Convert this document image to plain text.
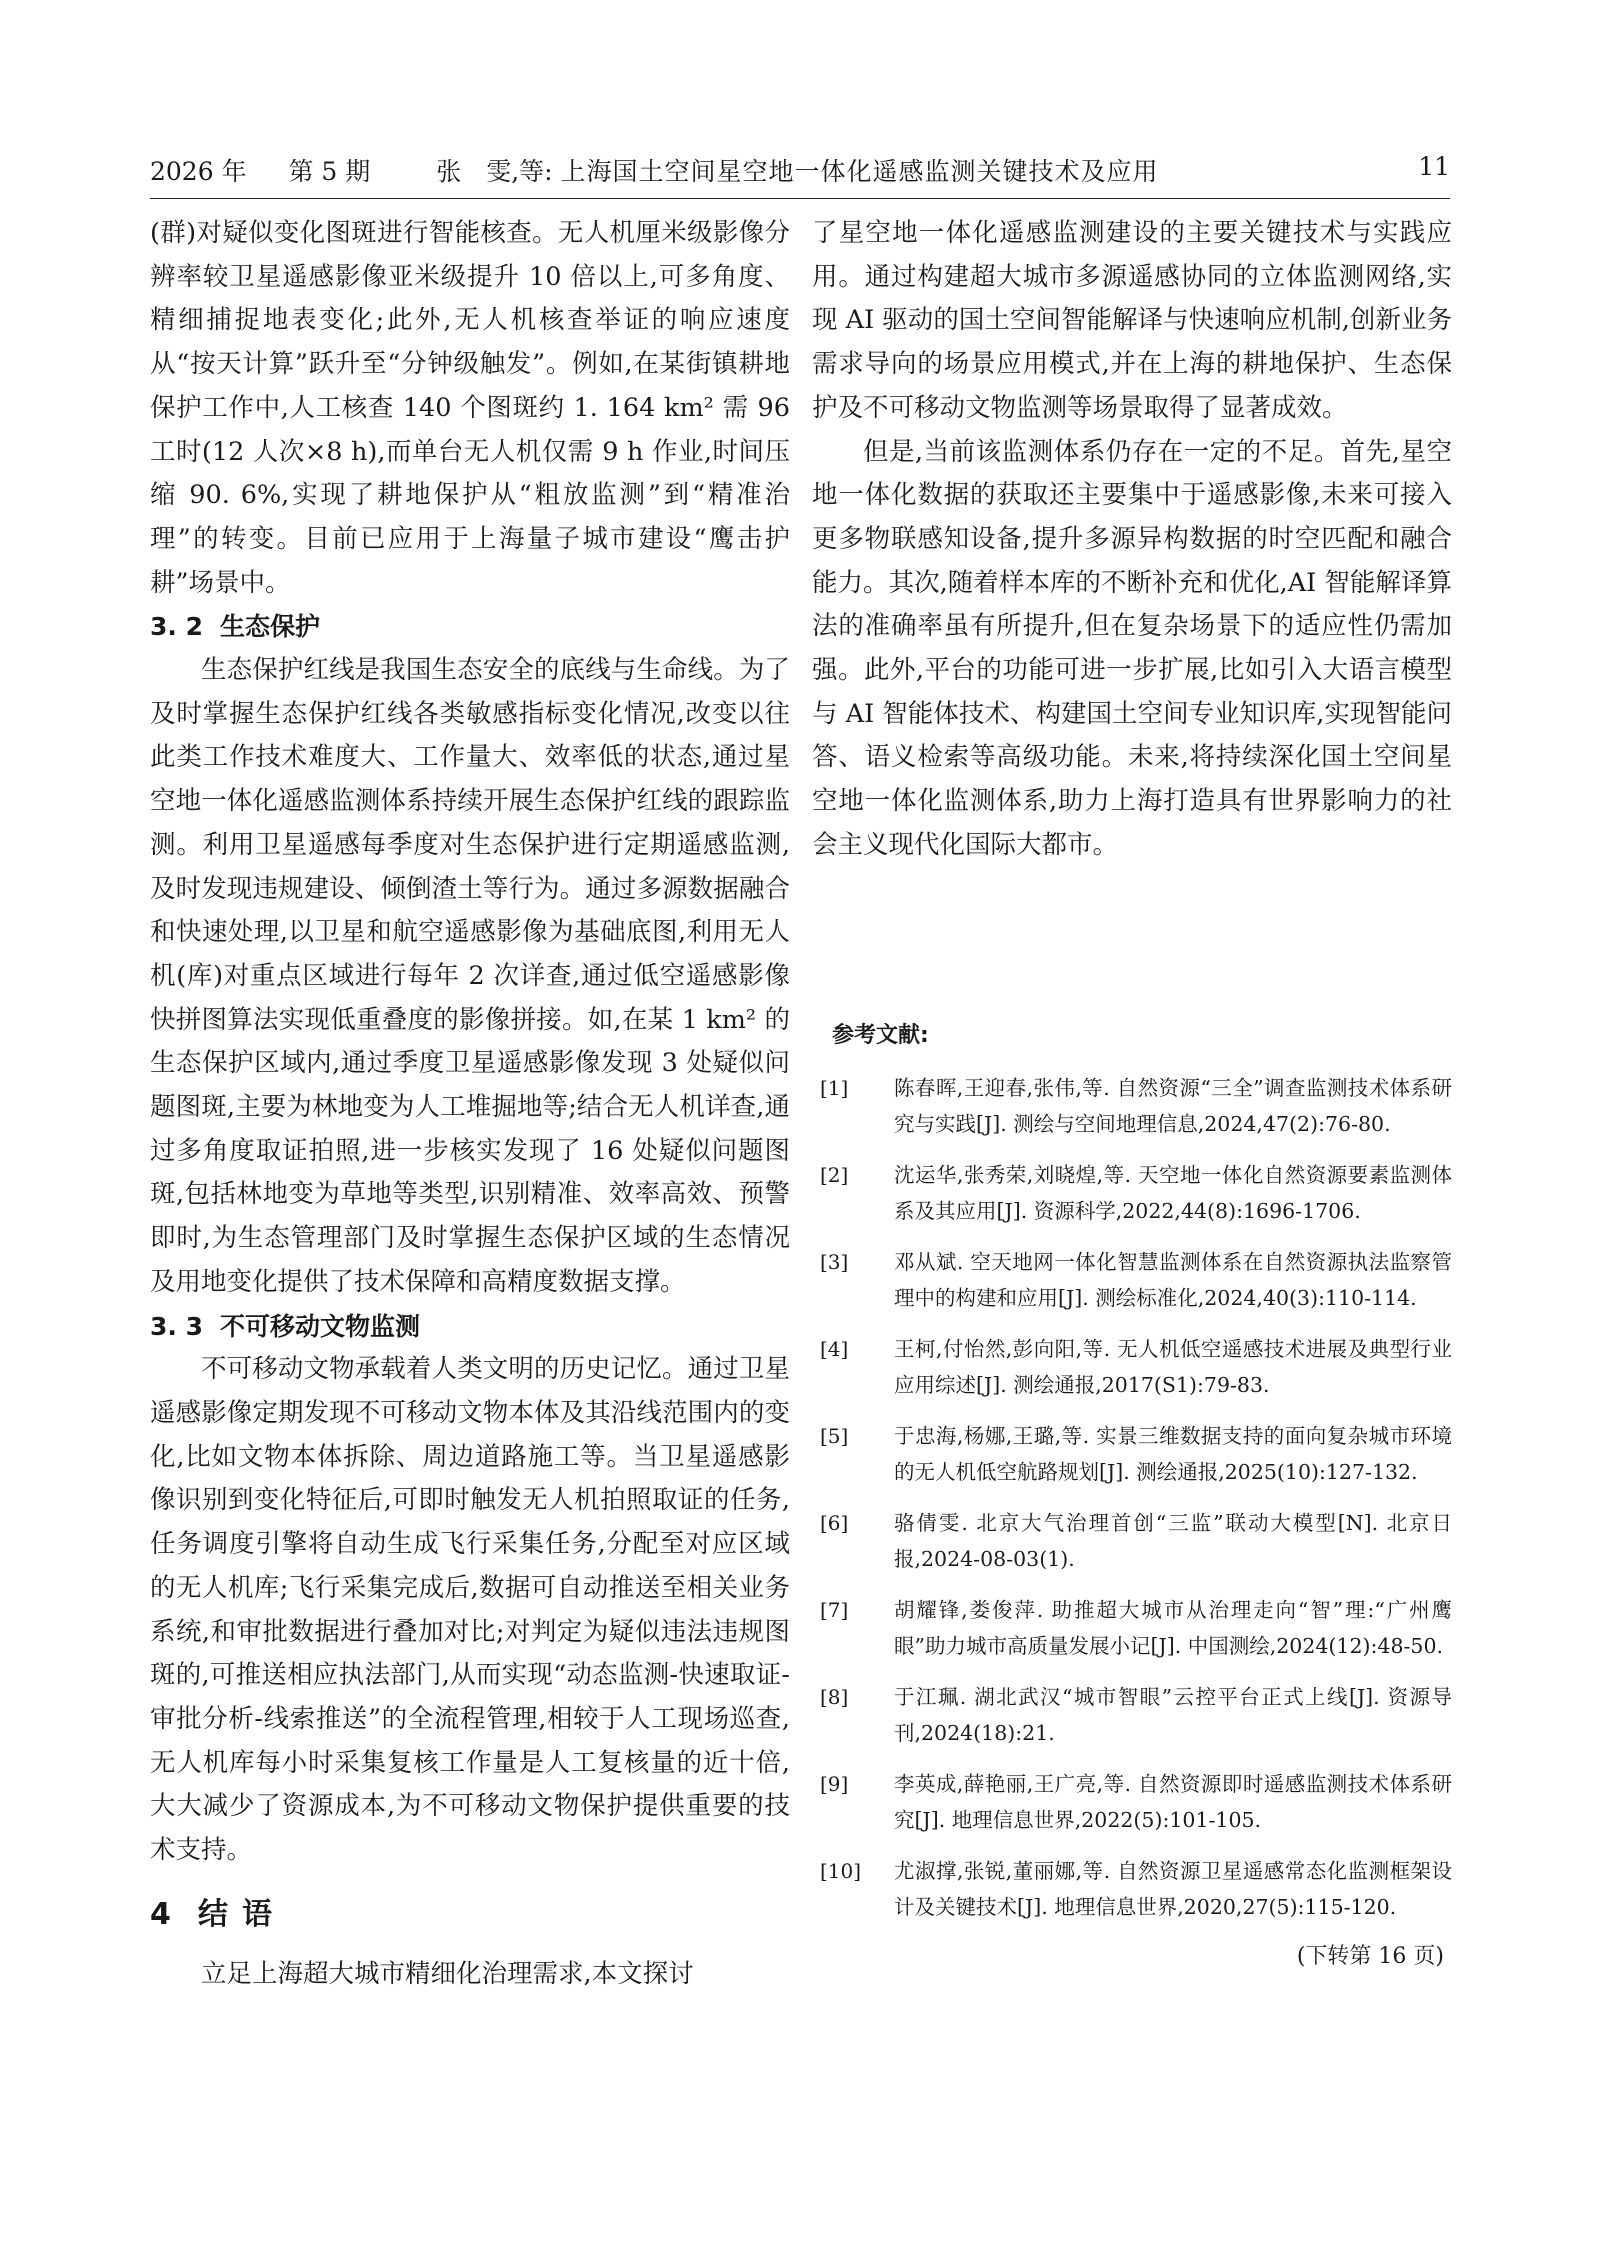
2026 年 第 5 期	张　雯,等: 上海国土空间星空地一体化遥感监测关键技术及应用	11

(群)对疑似变化图斑进行智能核查。无人机厘米级影像分辨率较卫星遥感影像亚米级提升 10 倍以上,可多角度、精细捕捉地表变化;此外,无人机核查举证的响应速度从“按天计算”跃升至“分钟级触发”。例如,在某街镇耕地保护工作中,人工核查 140 个图斑约 1. 164 km² 需 96 工时(12 人次×8 h),而单台无人机仅需 9 h 作业,时间压缩 90. 6%,实现了耕地保护从“粗放监测”到“精准治理”的转变。目前已应用于上海量子城市建设“鹰击护耕”场景中。

3. 2 生态保护

生态保护红线是我国生态安全的底线与生命线。为了及时掌握生态保护红线各类敏感指标变化情况,改变以往此类工作技术难度大、工作量大、效率低的状态,通过星空地一体化遥感监测体系持续开展生态保护红线的跟踪监测。利用卫星遥感每季度对生态保护进行定期遥感监测,及时发现违规建设、倾倒渣土等行为。通过多源数据融合和快速处理,以卫星和航空遥感影像为基础底图,利用无人机(库)对重点区域进行每年 2 次详查,通过低空遥感影像快拼图算法实现低重叠度的影像拼接。如,在某 1 km² 的生态保护区域内,通过季度卫星遥感影像发现 3 处疑似问题图斑,主要为林地变为人工堆掘地等;结合无人机详查,通过多角度取证拍照,进一步核实发现了 16 处疑似问题图斑,包括林地变为草地等类型,识别精准、效率高效、预警即时,为生态管理部门及时掌握生态保护区域的生态情况及用地变化提供了技术保障和高精度数据支撑。

3. 3 不可移动文物监测

不可移动文物承载着人类文明的历史记忆。通过卫星遥感影像定期发现不可移动文物本体及其沿线范围内的变化,比如文物本体拆除、周边道路施工等。当卫星遥感影像识别到变化特征后,可即时触发无人机拍照取证的任务,任务调度引擎将自动生成飞行采集任务,分配至对应区域的无人机库;飞行采集完成后,数据可自动推送至相关业务系统,和审批数据进行叠加对比;对判定为疑似违法违规图斑的,可推送相应执法部门,从而实现“动态监测-快速取证-审批分析-线索推送”的全流程管理,相较于人工现场巡查,无人机库每小时采集复核工作量是人工复核量的近十倍,大大减少了资源成本,为不可移动文物保护提供重要的技术支持。

4 结语

立足上海超大城市精细化治理需求,本文探讨

了星空地一体化遥感监测建设的主要关键技术与实践应用。通过构建超大城市多源遥感协同的立体监测网络,实现 AI 驱动的国土空间智能解译与快速响应机制,创新业务需求导向的场景应用模式,并在上海的耕地保护、生态保护及不可移动文物监测等场景取得了显著成效。

但是,当前该监测体系仍存在一定的不足。首先,星空地一体化数据的获取还主要集中于遥感影像,未来可接入更多物联感知设备,提升多源异构数据的时空匹配和融合能力。其次,随着样本库的不断补充和优化,AI 智能解译算法的准确率虽有所提升,但在复杂场景下的适应性仍需加强。此外,平台的功能可进一步扩展,比如引入大语言模型与 AI 智能体技术、构建国土空间专业知识库,实现智能问答、语义检索等高级功能。未来,将持续深化国土空间星空地一体化监测体系,助力上海打造具有世界影响力的社会主义现代化国际大都市。

参考文献:
[1] 陈春晖,王迎春,张伟,等. 自然资源“三全”调查监测技术体系研究与实践[J]. 测绘与空间地理信息,2024,47(2):76-80.
[2] 沈运华,张秀荣,刘晓煌,等. 天空地一体化自然资源要素监测体系及其应用[J]. 资源科学,2022,44(8):1696-1706.
[3] 邓从斌. 空天地网一体化智慧监测体系在自然资源执法监察管理中的构建和应用[J]. 测绘标准化,2024,40(3):110-114.
[4] 王柯,付怡然,彭向阳,等. 无人机低空遥感技术进展及典型行业应用综述[J]. 测绘通报,2017(S1):79-83.
[5] 于忠海,杨娜,王璐,等. 实景三维数据支持的面向复杂城市环境的无人机低空航路规划[J]. 测绘通报,2025(10):127-132.
[6] 骆倩雯. 北京大气治理首创“三监”联动大模型[N]. 北京日报,2024-08-03(1).
[7] 胡耀锋,娄俊萍. 助推超大城市从治理走向“智”理:“广州鹰眼”助力城市高质量发展小记[J]. 中国测绘,2024(12):48-50.
[8] 于江珮. 湖北武汉“城市智眼”云控平台正式上线[J]. 资源导刊,2024(18):21.
[9] 李英成,薛艳丽,王广亮,等. 自然资源即时遥感监测技术体系研究[J]. 地理信息世界,2022(5):101-105.
[10] 尤淑撑,张锐,董丽娜,等. 自然资源卫星遥感常态化监测框架设计及关键技术[J]. 地理信息世界,2020,27(5):115-120.
(下转第 16 页)
